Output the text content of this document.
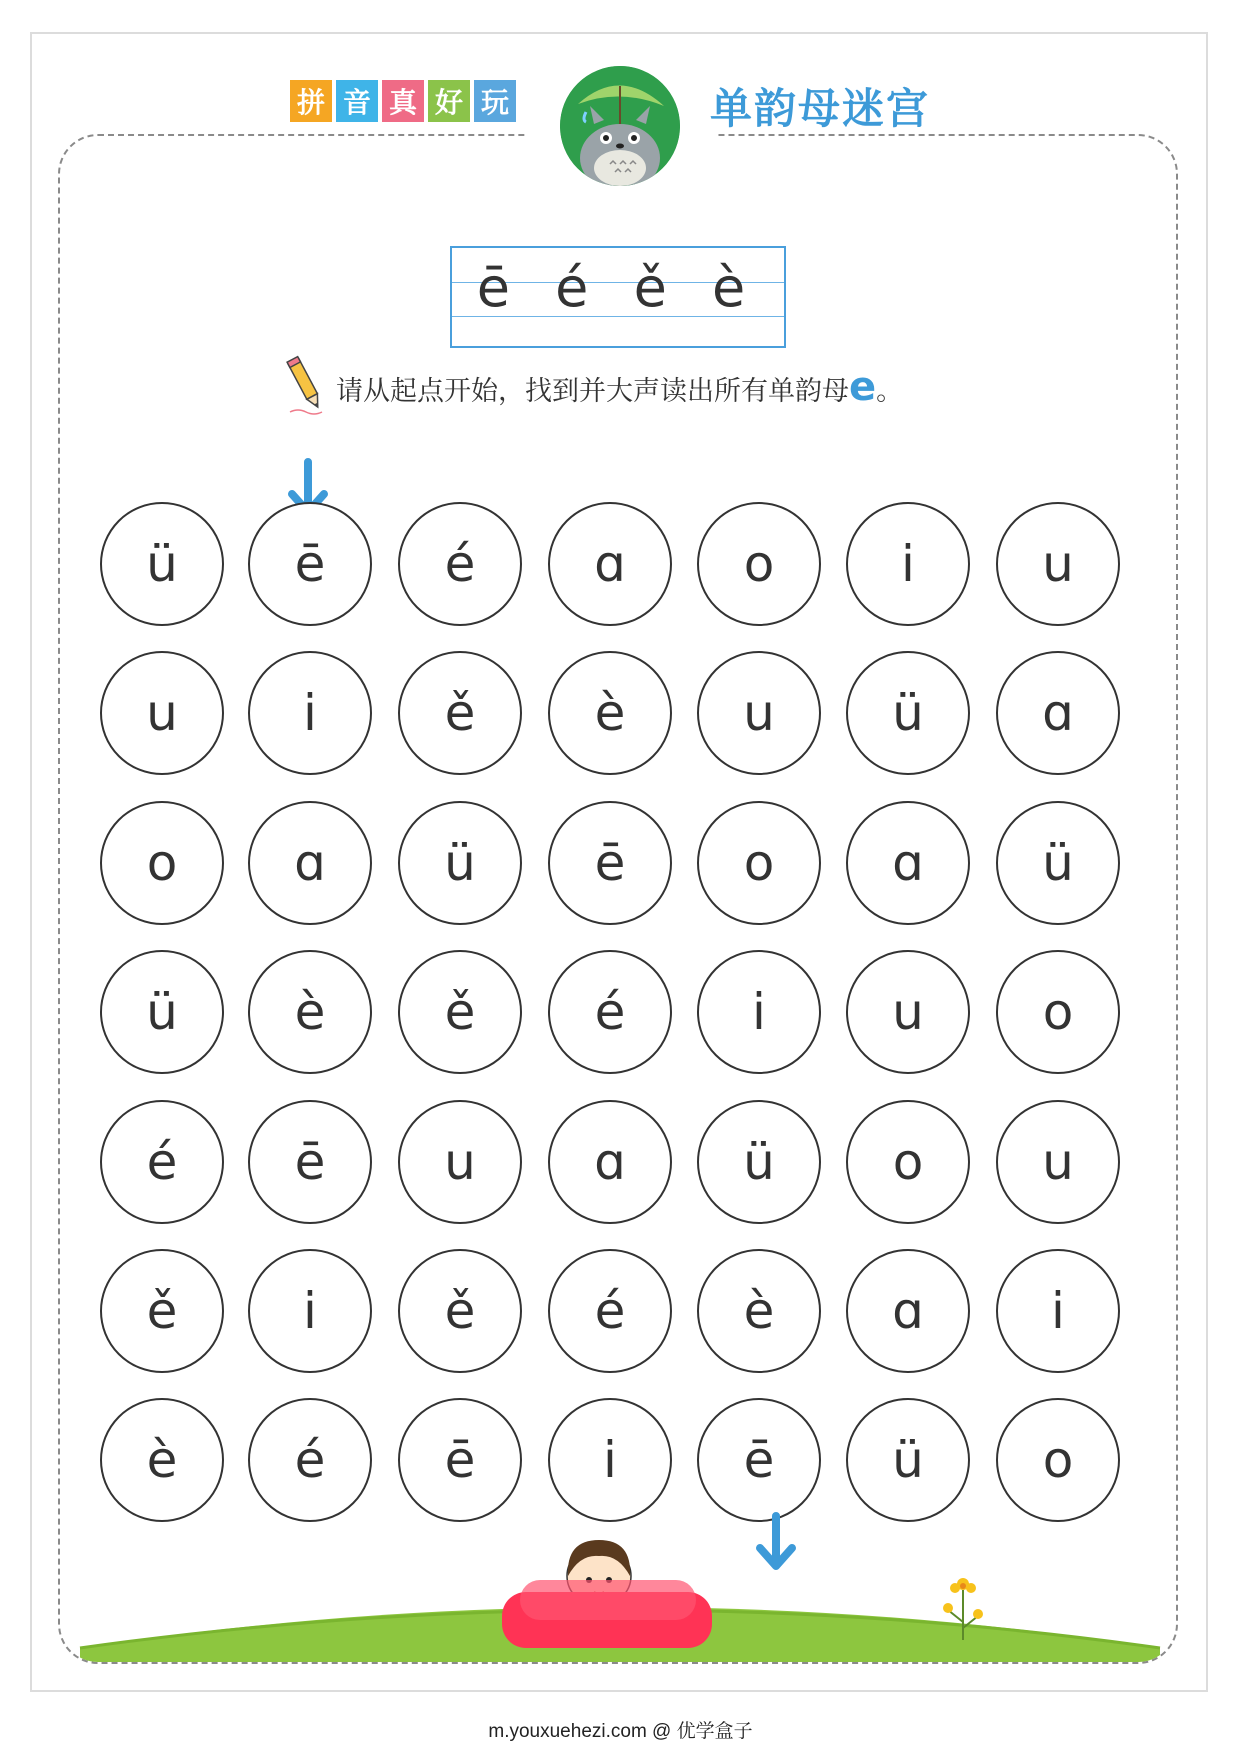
拼 音 真 好 玩	单韵母迷宫
ē é ě è
请从起点开始，找到并大声读出所有单韵母e。
ü	ē	é	ɑ	o	i	u
u	i	ě	è	u	ü	ɑ
o	ɑ	ü	ē	o	ɑ	ü
ü	è	ě	é	i	u	o
é	ē	u	ɑ	ü	o	u
ě	i	ě	é	è	ɑ	i
è	é	ē	i	ē	ü	o
m.youxuehezi.com @ 优学盒子
